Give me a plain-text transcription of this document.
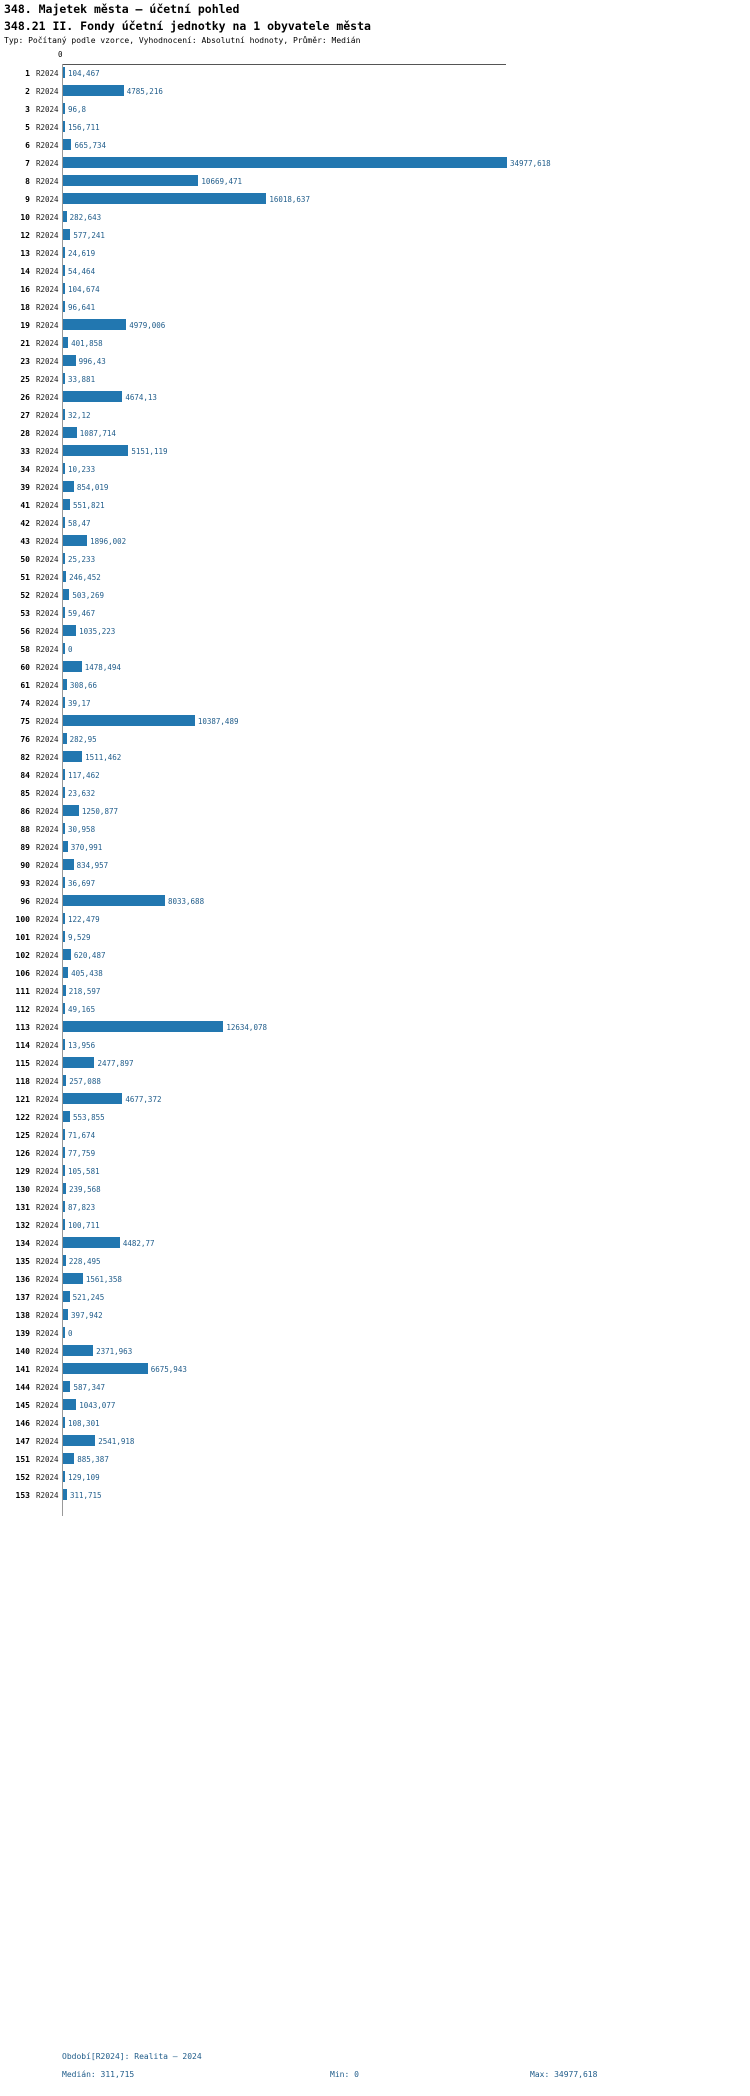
348. Majetek města – účetní pohled
348.21 II. Fondy účetní jednotky na 1 obyvatele města
Typ: Počítaný podle vzorce, Vyhodnocení: Absolutní hodnoty, Průměr: Medián
0
1 R2024 104,467
2 R2024	4785,216
3 R2024 96,8
5 R2024 156,711
6 R2024 665,734
7 R2024	34977,618
8 R2024	10669,471
9 R2024	16018,637
10 R2024 282,643
12 R2024 577,241
13 R2024 24,619
14 R2024 54,464
16 R2024 104,674
18 R2024 96,641
19 R2024	4979,006
21 R2024 401,858
23 R2024	996,43
25 R2024 33,881
26 R2024	4674,13
27 R2024 32,12
28 R2024	1087,714
33 R2024	5151,119
34 R2024 10,233
39 R2024 854,019
41 R2024 551,821
42 R2024 58,47
43 R2024	1896,002
50 R2024 25,233
51 R2024 246,452
52 R2024 503,269
53 R2024 59,467
56 R2024	1035,223
58 R2024 0
60 R2024	1478,494
61 R2024 308,66
74 R2024 39,17
75 R2024	10387,489
76 R2024 282,95
82 R2024	1511,462
84 R2024 117,462
85 R2024 23,632
86 R2024	1250,877
88 R2024 30,958
89 R2024 370,991
90 R2024 834,957
93 R2024 36,697
96 R2024	8033,688
100 R2024 122,479
101 R2024 9,529
102 R2024 620,487
106 R2024 405,438
111 R2024 218,597
112 R2024 49,165
113 R2024	12634,078
114 R2024 13,956
115 R2024	2477,897
118 R2024 257,088
121 R2024	4677,372
122 R2024 553,855
125 R2024 71,674
126 R2024 77,759
129 R2024 105,581
130 R2024 239,568
131 R2024 87,823
132 R2024 100,711
134 R2024	4482,77
135 R2024 228,495
136 R2024	1561,358
137 R2024 521,245
138 R2024 397,942
139 R2024 0
140 R2024	2371,963
141 R2024	6675,943
144 R2024 587,347
145 R2024	1043,077
146 R2024 108,301
147 R2024	2541,918
151 R2024 885,387
152 R2024 129,109
153 R2024 311,715
Období[R2024]: Realita – 2024
Medián: 311,715	Min: 0	Max: 34977,618
